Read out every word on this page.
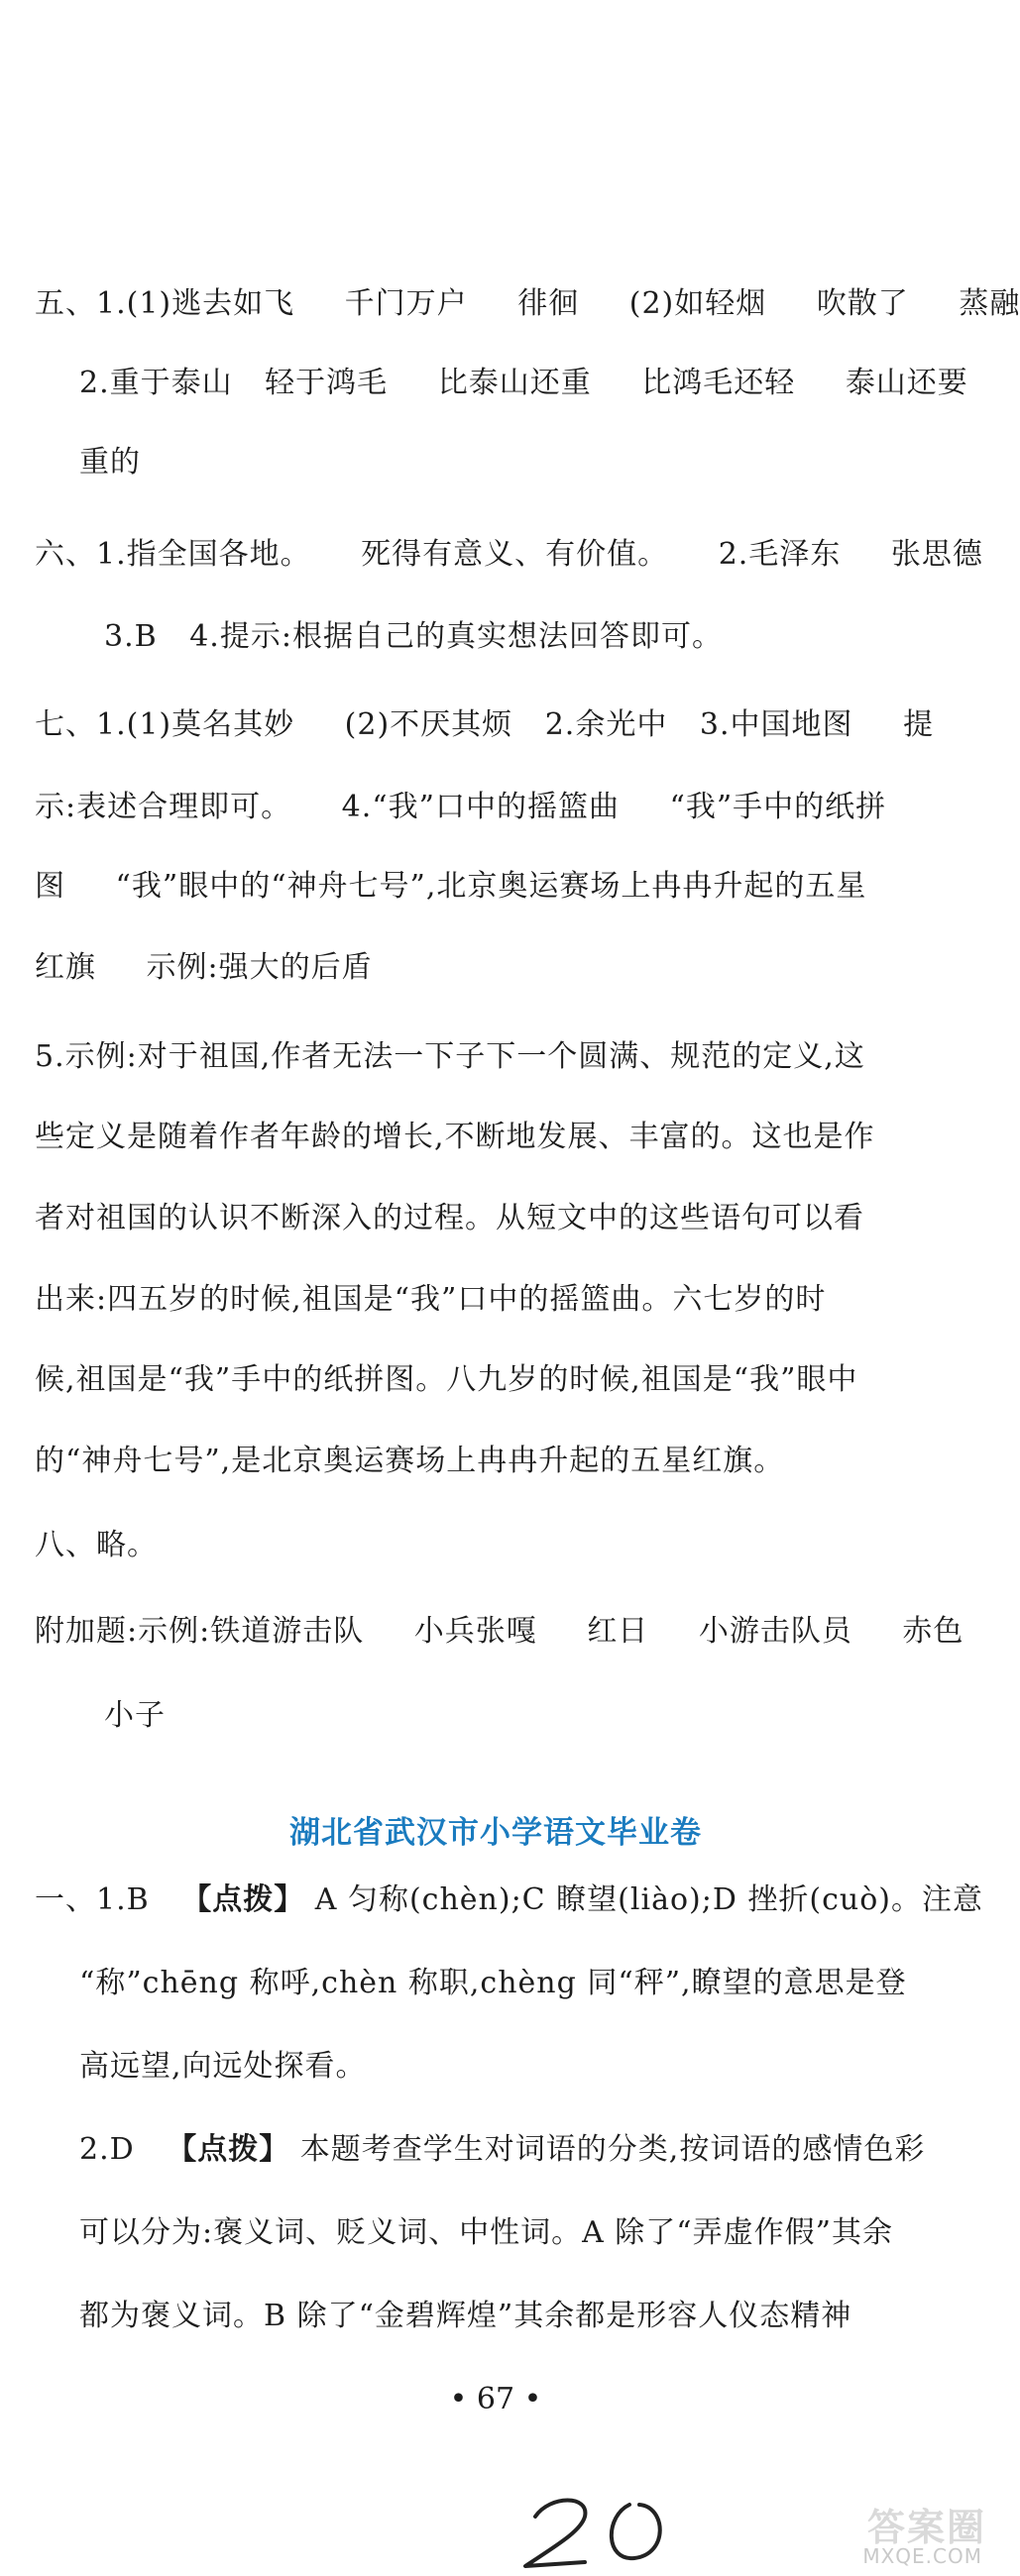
五、1.(1)逃去如飞 千门万户 徘徊 (2)如轻烟 吹散了 蒸融
2.重于泰山 轻于鸿毛 比泰山还重 比鸿毛还轻 泰山还要
重的
六、1.指全国各地。 死得有意义、有价值。 2.毛泽东 张思德
3.B 4.提示:根据自己的真实想法回答即可。
七、1.(1)莫名其妙 (2)不厌其烦 2.余光中 3.中国地图 提
示:表述合理即可。 4.“我”口中的摇篮曲 “我”手中的纸拼
图 “我”眼中的“神舟七号”,北京奥运赛场上冉冉升起的五星
红旗 示例:强大的后盾
5.示例:对于祖国,作者无法一下子下一个圆满、规范的定义,这
些定义是随着作者年龄的增长,不断地发展、丰富的。这也是作
者对祖国的认识不断深入的过程。从短文中的这些语句可以看
出来:四五岁的时候,祖国是“我”口中的摇篮曲。六七岁的时
候,祖国是“我”手中的纸拼图。八九岁的时候,祖国是“我”眼中
的“神舟七号”,是北京奥运赛场上冉冉升起的五星红旗。
八、略。
附加题:示例:铁道游击队 小兵张嘎 红日 小游击队员 赤色
小子
湖北省武汉市小学语文毕业卷
一、1.B 【点拨】 A 匀称(chèn);C 瞭望(liào);D 挫折(cuò)。注意
“称”chēng 称呼,chèn 称职,chèng 同“秤”,瞭望的意思是登
高远望,向远处探看。
2.D 【点拨】 本题考查学生对词语的分类,按词语的感情色彩
可以分为:褒义词、贬义词、中性词。A 除了“弄虚作假”其余
都为褒义词。B 除了“金碧辉煌”其余都是形容人仪态精神
• 67 •
答案圈
MXQE.COM
